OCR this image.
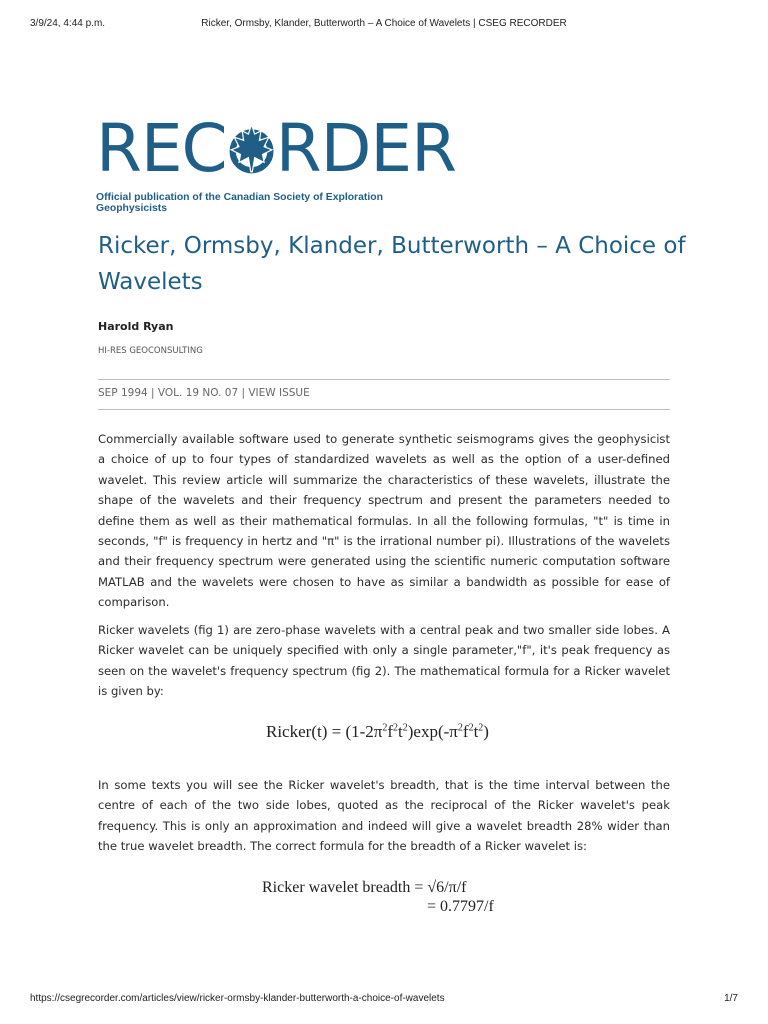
3/9/24, 4:44 p.m.	Ricker, Ormsby, Klander, Butterworth – A Choice of Wavelets | CSEG RECORDER
REC RDER
Official publication of the Canadian Society of Exploration Geophysicists
Ricker, Ormsby, Klander, Butterworth – A Choice of Wavelets
Harold Ryan
HI-RES GEOCONSULTING
SEP 1994 | VOL. 19 NO. 07 | VIEW ISSUE

Commercially available software used to generate synthetic seismograms gives the geophysicist a choice of up to four types of standardized wavelets as well as the option of a user-defined wavelet. This review article will summarize the characteristics of these wavelets, illustrate the shape of the wavelets and their frequency spectrum and present the parameters needed to define them as well as their mathematical formulas. In all the following formulas, "t" is time in seconds, "f" is frequency in hertz and "π" is the irrational number pi). Illustrations of the wavelets and their frequency spectrum were generated using the scientific numeric computation software MATLAB and the wavelets were chosen to have as similar a bandwidth as possible for ease of comparison.

Ricker wavelets (fig 1) are zero-phase wavelets with a central peak and two smaller side lobes. A Ricker wavelet can be uniquely specified with only a single parameter,"f", it's peak frequency as seen on the wavelet's frequency spectrum (fig 2). The mathematical formula for a Ricker wavelet is given by:

Ricker(t) = $(1-2\pi^2f^2t^2)\exp(-\pi^2f^2t^2)$

In some texts you will see the Ricker wavelet's breadth, that is the time interval between the centre of each of the two side lobes, quoted as the reciprocal of the Ricker wavelet's peak frequency. This is only an approximation and indeed will give a wavelet breadth 28% wider than the true wavelet breadth. The correct formula for the breadth of a Ricker wavelet is:

Ricker wavelet breadth = √6/π/f
= 0.7797/f
https://csegrecorder.com/articles/view/ricker-ormsby-klander-butterworth-a-choice-of-wavelets	1/7
